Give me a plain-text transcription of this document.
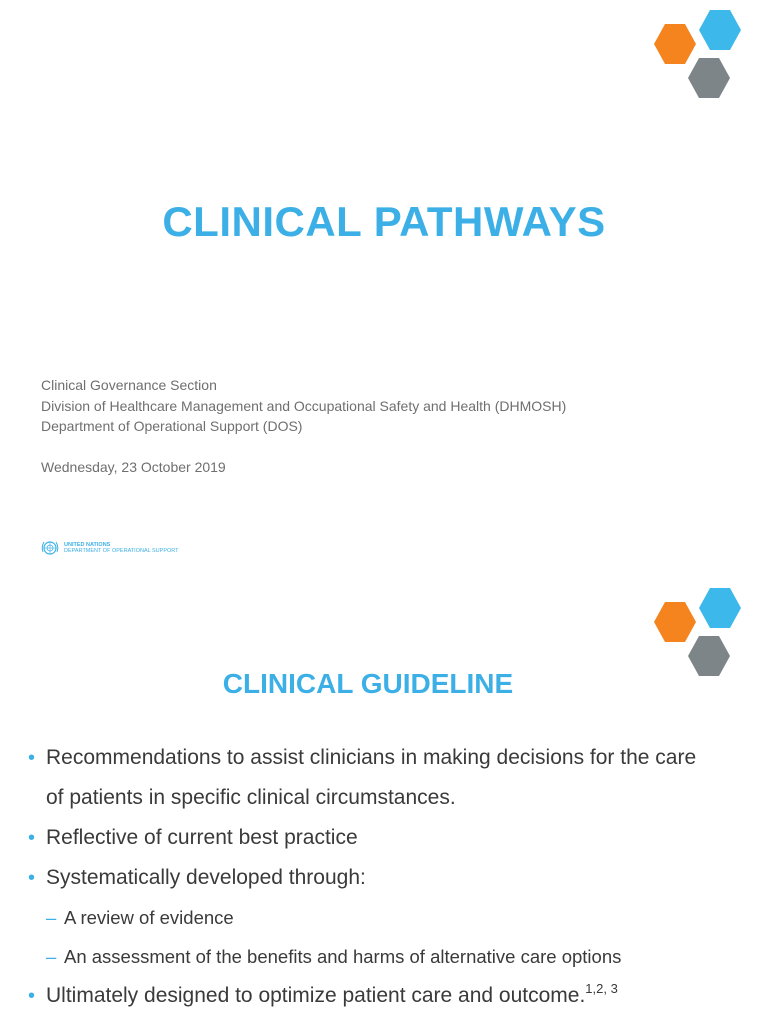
CLINICAL PATHWAYS
Clinical Governance Section
Division of Healthcare Management and Occupational Safety and Health (DHMOSH)
Department of Operational Support (DOS)
Wednesday, 23 October 2019
UNITED NATIONS
DEPARTMENT OF OPERATIONAL SUPPORT
CLINICAL GUIDELINE
• Recommendations to assist clinicians in making decisions for the care
of patients in specific clinical circumstances.
• Reflective of current best practice
• Systematically developed through:
– A review of evidence
– An assessment of the benefits and harms of alternative care options
• Ultimately designed to optimize patient care and outcome.$^{1,2, 3}$
